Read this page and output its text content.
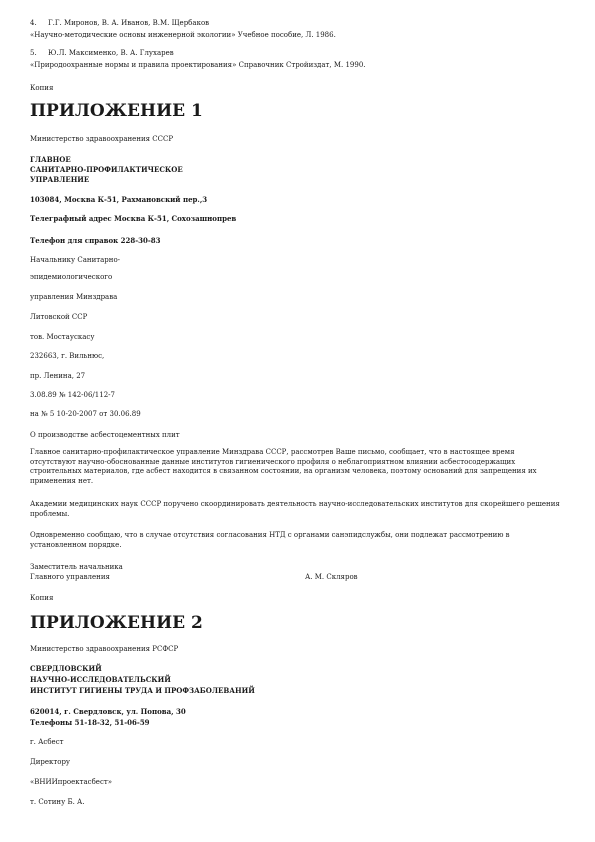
4. Г.Г. Миронов, В. А. Иванов, В.М. Щербаков
«Научно-методические основы инженерной экологии» Учебное пособие, Л. 1986.
5. Ю.Л. Максименко, В. А. Глухарев
«Природоохранные нормы и правила проектирования» Справочник Стройиздат, М. 1990.
Копия
ПРИЛОЖЕНИЕ 1
Министерство здравоохранения СССР
ГЛАВНОЕ
САНИТАРНО-ПРОФИЛАКТИЧЕСКОЕ
УПРАВЛЕНИЕ
103084, Москва К-51, Рахмановский пер.,3
Телеграфный адрес Москва К-51, Сохозашнопрев
Телефон для справок 228-30-83
Начальнику Санитарно-
эпидемиологического
управления Минздрава
Литовской ССР
тов. Мостаускасу
232663, г. Вильнюс,
пр. Ленина, 27
3.08.89 № 142-06/112-7
на № 5 10-20-2007 от 30.06.89
О производстве асбестоцементных плит
Главное санитарно-профилактическое управление Минздрава СССР, рассмотрев Ваше письмо, сообщает, что в настоящее время отсутствуют научно-обоснованные данные институтов гигиенического профиля о неблагоприятном влиянии асбестосодержащих строительных материалов, где асбест находится в связанном состоянии, на организм человека, поэтому оснований для запрещения их применения нет.
Академии медицинских наук СССР поручено скоординировать деятельность научно-исследовательских институтов для скорейшего решения проблемы.
Одновременно сообщаю, что в случае отсутствия согласования НТД с органами санэпидслужбы, они подлежат рассмотрению в установленном порядке.
Заместитель начальника
Главного управления	А. М. Скляров
Копия
ПРИЛОЖЕНИЕ 2
Министерство здравоохранения РСФСР
СВЕРДЛОВСКИЙ
НАУЧНО-ИССЛЕДОВАТЕЛЬСКИЙ
ИНСТИТУТ ГИГИЕНЫ ТРУДА И ПРОФЗАБОЛЕВАНИЙ
620014, г. Свердловск, ул. Попова, 30
Телефоны 51-18-32, 51-06-59
г. Асбест
Директору
«ВНИИпроектасбест»
т. Сотину Б. А.
